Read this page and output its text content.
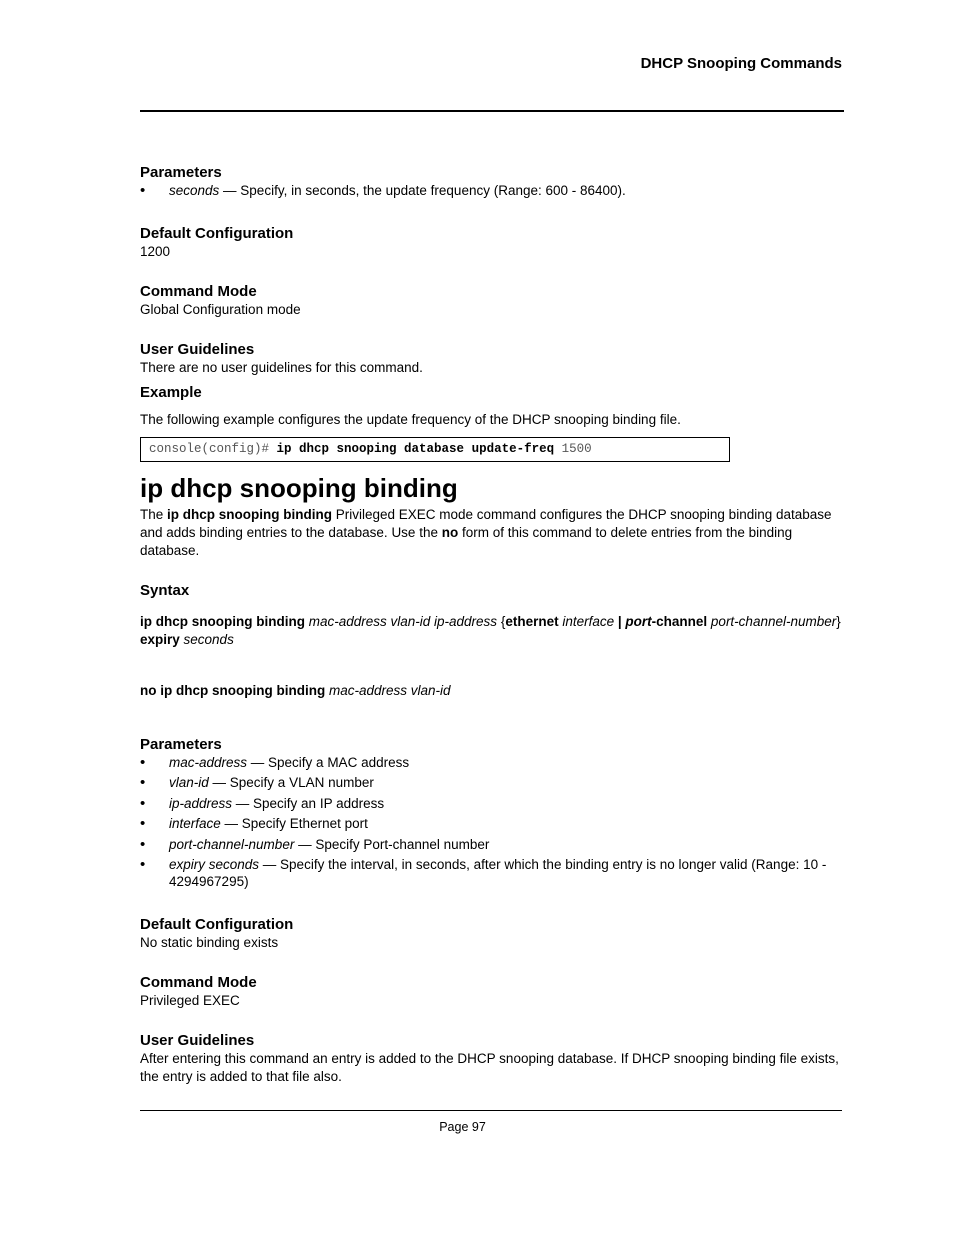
DHCP Snooping Commands

Parameters

• seconds — Specify, in seconds, the update frequency (Range: 600 - 86400).

Default Configuration

1200

Command Mode

Global Configuration mode

User Guidelines

There are no user guidelines for this command.

Example

The following example configures the update frequency of the DHCP snooping binding file.

console(config)# ip dhcp snooping database update-freq 1500

ip dhcp snooping binding

The ip dhcp snooping binding Privileged EXEC mode command configures the DHCP snooping binding database and adds binding entries to the database. Use the no form of this command to delete entries from the binding database.

Syntax

ip dhcp snooping binding mac-address vlan-id ip-address {ethernet interface | port-channel port-channel-number} expiry seconds

no ip dhcp snooping binding mac-address vlan-id

Parameters

• mac-address — Specify a MAC address
• vlan-id — Specify a VLAN number
• ip-address — Specify an IP address
• interface — Specify Ethernet port
• port-channel-number — Specify Port-channel number
• expiry seconds — Specify the interval, in seconds, after which the binding entry is no longer valid (Range: 10 - 4294967295)

Default Configuration

No static binding exists

Command Mode

Privileged EXEC

User Guidelines

After entering this command an entry is added to the DHCP snooping database. If DHCP snooping binding file exists, the entry is added to that file also.

Page 97
